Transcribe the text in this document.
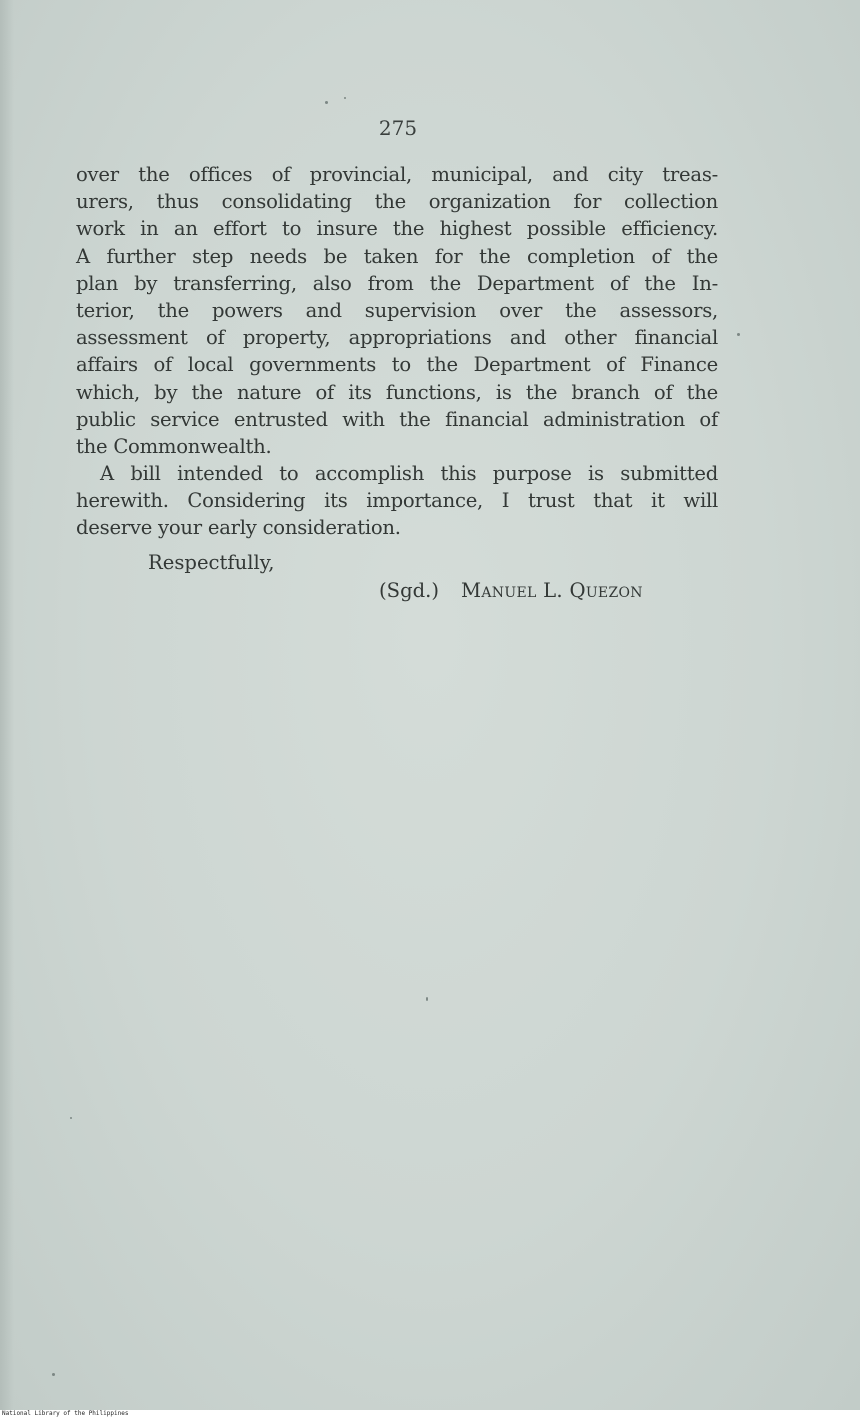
275
over the offices of provincial, municipal, and city treas-
urers, thus consolidating the organization for collection
work in an effort to insure the highest possible efficiency.
A further step needs be taken for the completion of the
plan by transferring, also from the Department of the In-
terior, the powers and supervision over the assessors,
assessment of property, appropriations and other financial
affairs of local governments to the Department of Finance
which, by the nature of its functions, is the branch of the
public service entrusted with the financial administration of
the Commonwealth.
A bill intended to accomplish this purpose is submitted
herewith. Considering its importance, I trust that it will
deserve your early consideration.
Respectfully,
(Sgd.) Manuel L. Quezon
National Library of the Philippines
